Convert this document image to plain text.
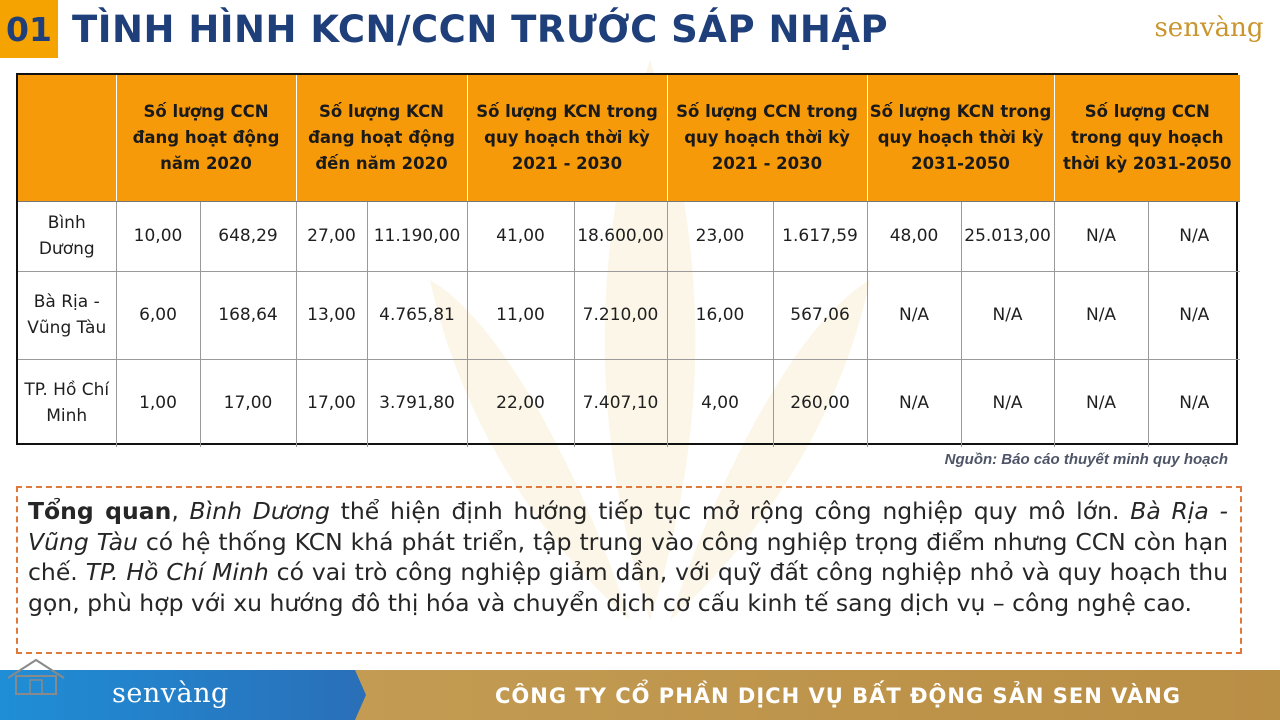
01 TÌNH HÌNH KCN/CCN TRƯỚC SÁP NHẬP	senvàng
	Số lượng CCN đang hoạt động năm 2020		Số lượng KCN đang hoạt động đến năm 2020		Số lượng KCN trong quy hoạch thời kỳ 2021 - 2030		Số lượng CCN trong quy hoạch thời kỳ 2021 - 2030		Số lượng KCN trong quy hoạch thời kỳ 2031-2050		Số lượng CCN trong quy hoạch thời kỳ 2031-2050	
Bình Dương	10,00	648,29	27,00	11.190,00	41,00	18.600,00	23,00	1.617,59	48,00	25.013,00	N/A	N/A
Bà Rịa - Vũng Tàu	6,00	168,64	13,00	4.765,81	11,00	7.210,00	16,00	567,06	N/A	N/A	N/A	N/A
TP. Hồ Chí Minh	1,00	17,00	17,00	3.791,80	22,00	7.407,10	4,00	260,00	N/A	N/A	N/A	N/A
Nguồn: Báo cáo thuyết minh quy hoạch
Tổng quan, Bình Dương thể hiện định hướng tiếp tục mở rộng công nghiệp quy mô lớn. Bà Rịa - Vũng Tàu có hệ thống KCN khá phát triển, tập trung vào công nghiệp trọng điểm nhưng CCN còn hạn chế. TP. Hồ Chí Minh có vai trò công nghiệp giảm dần, với quỹ đất công nghiệp nhỏ và quy hoạch thu gọn, phù hợp với xu hướng đô thị hóa và chuyển dịch cơ cấu kinh tế sang dịch vụ – công nghệ cao.
senvàng	CÔNG TY CỔ PHẦN DỊCH VỤ BẤT ĐỘNG SẢN SEN VÀNG
